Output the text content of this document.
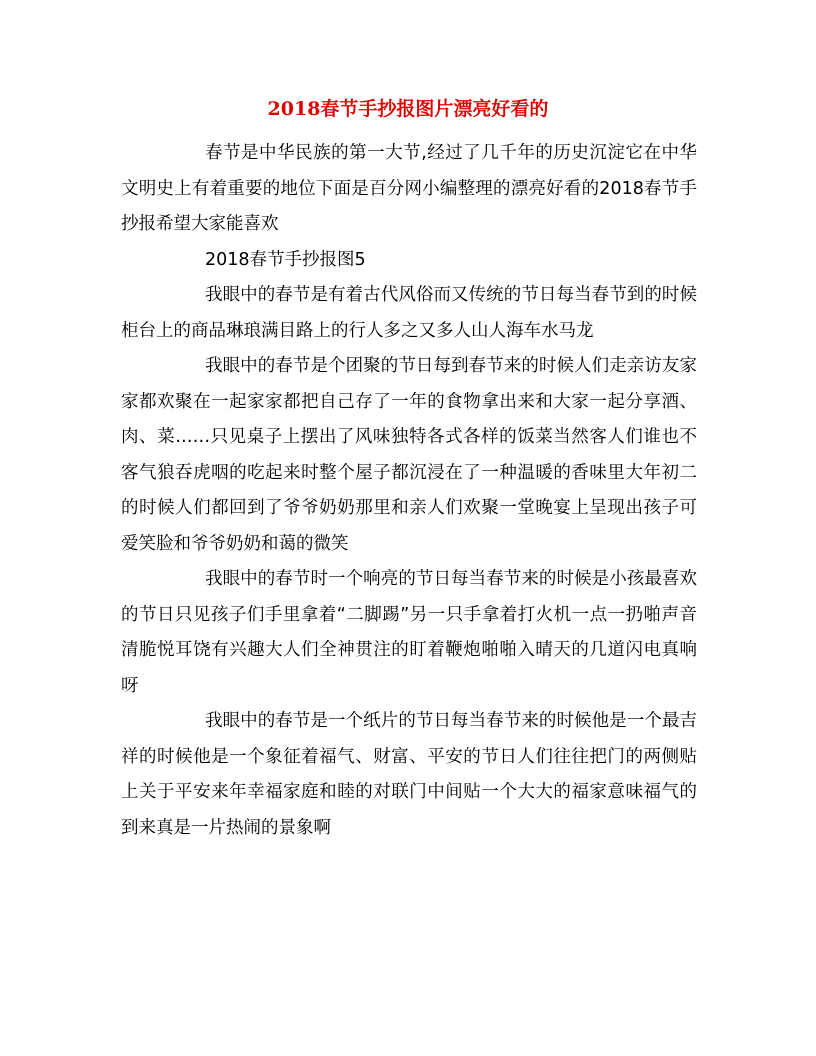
2018春节手抄报图片漂亮好看的

春节是中华民族的第一大节,经过了几千年的历史沉淀它在中华文明史上有着重要的地位下面是百分网小编整理的漂亮好看的2018春节手抄报希望大家能喜欢

2018春节手抄报图5

我眼中的春节是有着古代风俗而又传统的节日每当春节到的时候柜台上的商品琳琅满目路上的行人多之又多人山人海车水马龙

我眼中的春节是个团聚的节日每到春节来的时候人们走亲访友家家都欢聚在一起家家都把自己存了一年的食物拿出来和大家一起分享酒、肉、菜……只见桌子上摆出了风味独特各式各样的饭菜当然客人们谁也不客气狼吞虎咽的吃起来时整个屋子都沉浸在了一种温暖的香味里大年初二的时候人们都回到了爷爷奶奶那里和亲人们欢聚一堂晚宴上呈现出孩子可爱笑脸和爷爷奶奶和蔼的微笑

我眼中的春节时一个响亮的节日每当春节来的时候是小孩最喜欢的节日只见孩子们手里拿着“二脚踢”另一只手拿着打火机一点一扔啪声音清脆悦耳饶有兴趣大人们全神贯注的盯着鞭炮啪啪入晴天的几道闪电真响呀

我眼中的春节是一个纸片的节日每当春节来的时候他是一个最吉祥的时候他是一个象征着福气、财富、平安的节日人们往往把门的两侧贴上关于平安来年幸福家庭和睦的对联门中间贴一个大大的福家意味福气的到来真是一片热闹的景象啊
